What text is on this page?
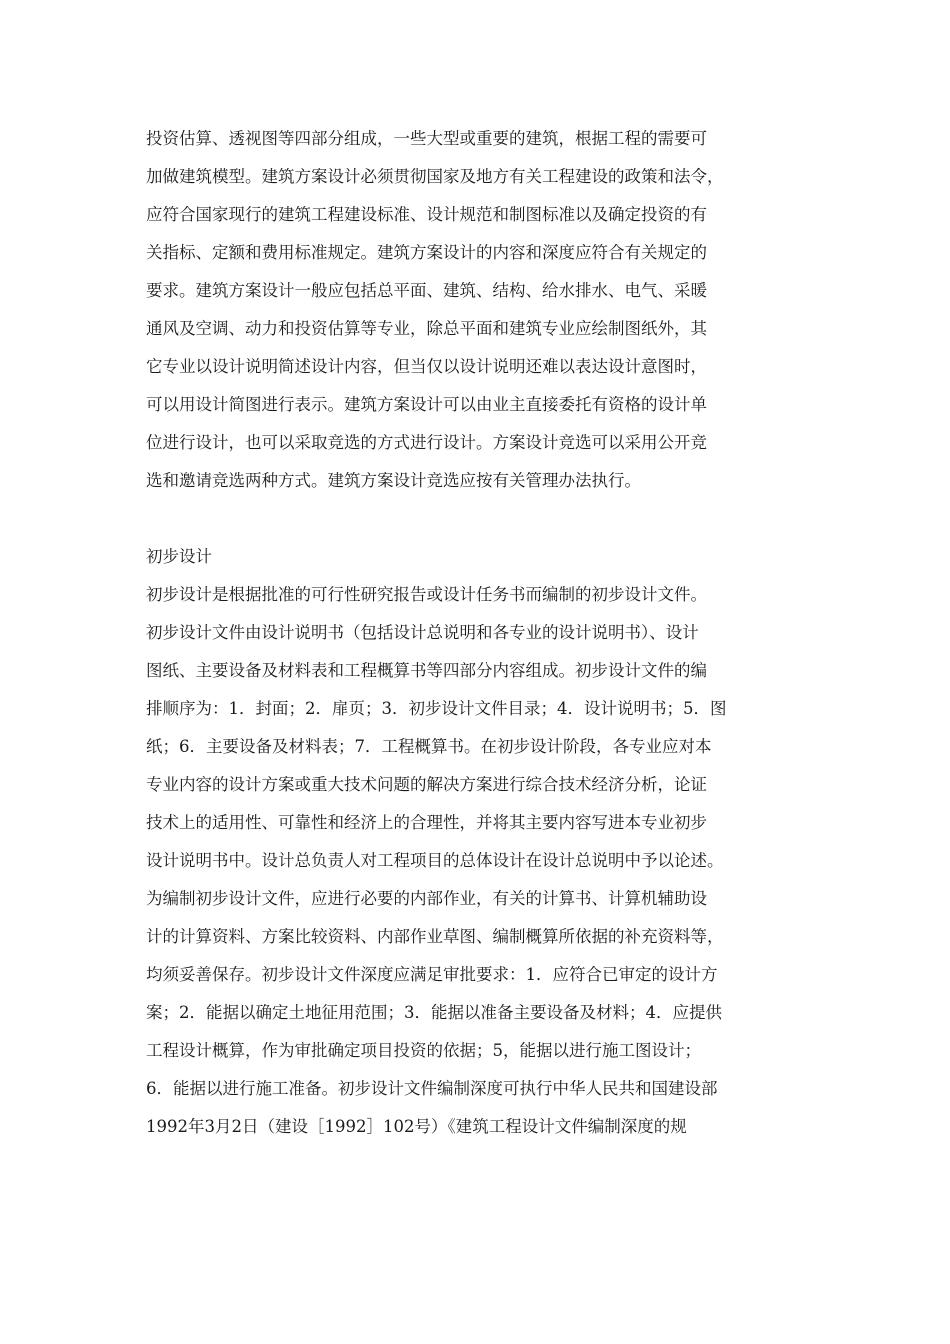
投资估算、透视图等四部分组成，一些大型或重要的建筑，根据工程的需要可
加做建筑模型。建筑方案设计必须贯彻国家及地方有关工程建设的政策和法令，
应符合国家现行的建筑工程建设标准、设计规范和制图标准以及确定投资的有
关指标、定额和费用标准规定。建筑方案设计的内容和深度应符合有关规定的
要求。建筑方案设计一般应包括总平面、建筑、结构、给水排水、电气、采暖
通风及空调、动力和投资估算等专业，除总平面和建筑专业应绘制图纸外，其
它专业以设计说明简述设计内容，但当仅以设计说明还难以表达设计意图时，
可以用设计简图进行表示。建筑方案设计可以由业主直接委托有资格的设计单
位进行设计，也可以采取竞选的方式进行设计。方案设计竞选可以采用公开竞
选和邀请竞选两种方式。建筑方案设计竞选应按有关管理办法执行。
初步设计
初步设计是根据批准的可行性研究报告或设计任务书而编制的初步设计文件。
初步设计文件由设计说明书（包括设计总说明和各专业的设计说明书）、设计
图纸、主要设备及材料表和工程概算书等四部分内容组成。初步设计文件的编
排顺序为：1．封面；2．扉页；3．初步设计文件目录；4．设计说明书；5．图
纸；6．主要设备及材料表；7．工程概算书。在初步设计阶段，各专业应对本
专业内容的设计方案或重大技术问题的解决方案进行综合技术经济分析，论证
技术上的适用性、可靠性和经济上的合理性，并将其主要内容写进本专业初步
设计说明书中。设计总负责人对工程项目的总体设计在设计总说明中予以论述。
为编制初步设计文件，应进行必要的内部作业，有关的计算书、计算机辅助设
计的计算资料、方案比较资料、内部作业草图、编制概算所依据的补充资料等，
均须妥善保存。初步设计文件深度应满足审批要求：1．应符合已审定的设计方
案；2．能据以确定土地征用范围；3．能据以准备主要设备及材料；4．应提供
工程设计概算，作为审批确定项目投资的依据；5，能据以进行施工图设计；
6．能据以进行施工准备。初步设计文件编制深度可执行中华人民共和国建设部
1992年3月2日（建设［1992］102号）《建筑工程设计文件编制深度的规
